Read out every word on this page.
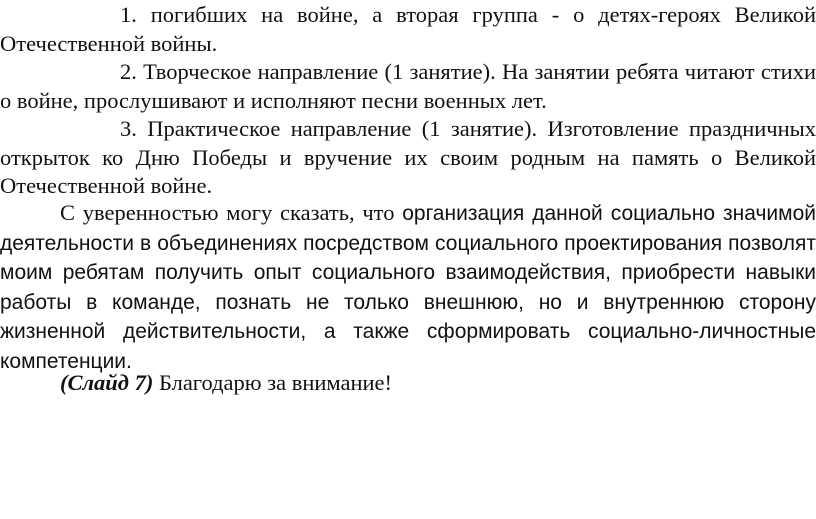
1. погибших на войне, а вторая группа - о детях-героях Великой Отечественной войны.

2. Творческое направление (1 занятие). На занятии ребята читают стихи о войне, прослушивают и исполняют песни военных лет.

3. Практическое направление (1 занятие). Изготовление праздничных открыток ко Дню Победы и вручение их своим родным на память о Великой Отечественной войне.

С уверенностью могу сказать, что организация данной социально значимой деятельности в объединениях посредством социального проектирования позволят моим ребятам получить опыт социального взаимодействия, приобрести навыки работы в команде, познать не только внешнюю, но и внутреннюю сторону жизненной действительности, а также сформировать социально-личностные компетенции.

(Слайд 7) Благодарю за внимание!
